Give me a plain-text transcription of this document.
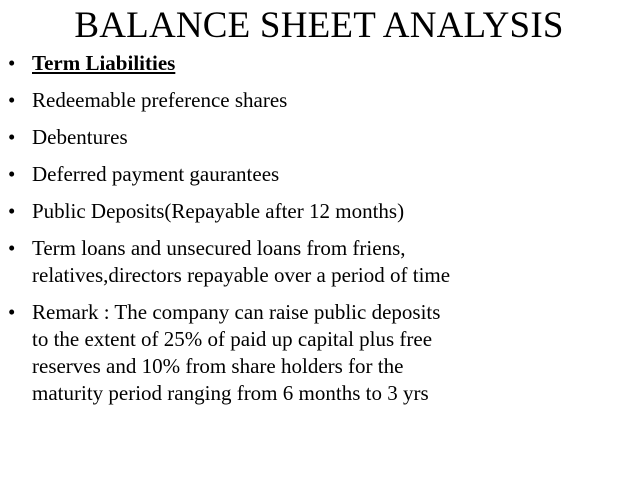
BALANCE SHEET ANALYSIS
• Term Liabilities
• Redeemable preference shares
• Debentures
• Deferred payment gaurantees
• Public Deposits(Repayable after 12 months)
• Term loans and unsecured loans from friens,
relatives,directors repayable over a period of time
• Remark : The company can raise public deposits
to the extent of 25% of paid up capital plus free
reserves and 10% from share holders for the
maturity period ranging from 6 months to 3 yrs
